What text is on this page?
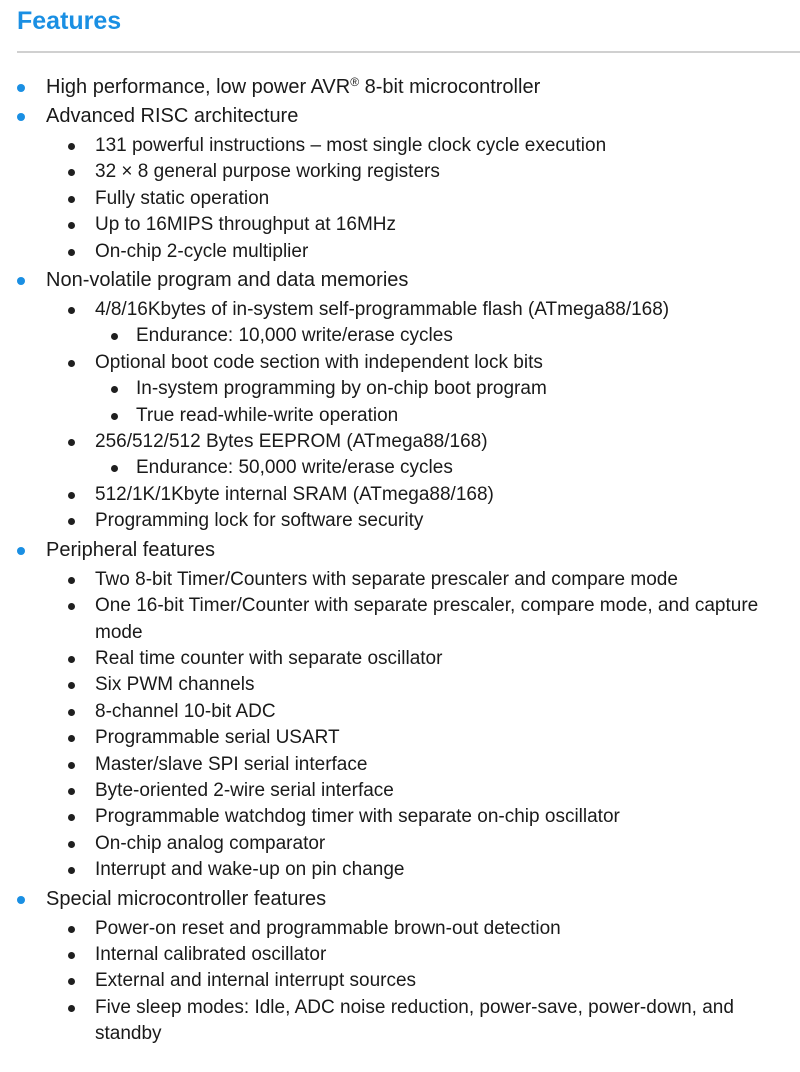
Features
High performance, low power AVR® 8-bit microcontroller
Advanced RISC architecture
131 powerful instructions – most single clock cycle execution
32 × 8 general purpose working registers
Fully static operation
Up to 16MIPS throughput at 16MHz
On-chip 2-cycle multiplier
Non-volatile program and data memories
4/8/16Kbytes of in-system self-programmable flash (ATmega88/168)
Endurance: 10,000 write/erase cycles
Optional boot code section with independent lock bits
In-system programming by on-chip boot program
True read-while-write operation
256/512/512 Bytes EEPROM (ATmega88/168)
Endurance: 50,000 write/erase cycles
512/1K/1Kbyte internal SRAM (ATmega88/168)
Programming lock for software security
Peripheral features
Two 8-bit Timer/Counters with separate prescaler and compare mode
One 16-bit Timer/Counter with separate prescaler, compare mode, and capture mode
Real time counter with separate oscillator
Six PWM channels
8-channel 10-bit ADC
Programmable serial USART
Master/slave SPI serial interface
Byte-oriented 2-wire serial interface
Programmable watchdog timer with separate on-chip oscillator
On-chip analog comparator
Interrupt and wake-up on pin change
Special microcontroller features
Power-on reset and programmable brown-out detection
Internal calibrated oscillator
External and internal interrupt sources
Five sleep modes: Idle, ADC noise reduction, power-save, power-down, and standby
